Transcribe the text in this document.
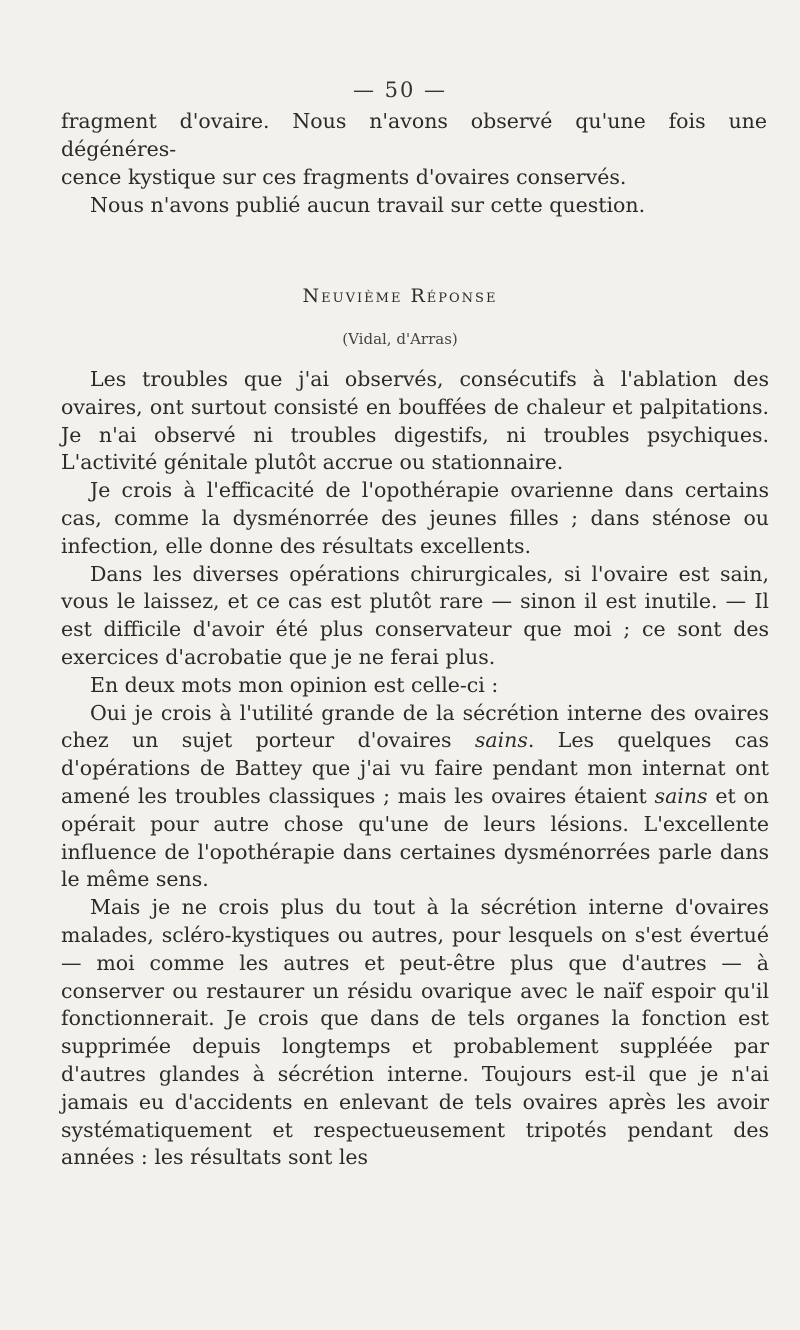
— 50 —

fragment d'ovaire. Nous n'avons observé qu'une fois une dégénéres-

cence kystique sur ces fragments d'ovaires conservés.

Nous n'avons publié aucun travail sur cette question.

Neuvième Réponse
(Vidal, d'Arras)

Les troubles que j'ai observés, consécutifs à l'ablation des ovaires, ont surtout consisté en bouffées de chaleur et palpitations. Je n'ai observé ni troubles digestifs, ni troubles psychiques. L'activité génitale plutôt accrue ou stationnaire.

Je crois à l'efficacité de l'opothérapie ovarienne dans certains cas, comme la dysménorrée des jeunes filles ; dans sténose ou infection, elle donne des résultats excellents.

Dans les diverses opérations chirurgicales, si l'ovaire est sain, vous le laissez, et ce cas est plutôt rare — sinon il est inutile. — Il est difficile d'avoir été plus conservateur que moi ; ce sont des exercices d'acrobatie que je ne ferai plus.

En deux mots mon opinion est celle-ci :

Oui je crois à l'utilité grande de la sécrétion interne des ovaires chez un sujet porteur d'ovaires sains. Les quelques cas d'opérations de Battey que j'ai vu faire pendant mon internat ont amené les troubles classiques ; mais les ovaires étaient sains et on opérait pour autre chose qu'une de leurs lésions. L'excellente influence de l'opothérapie dans certaines dysménorrées parle dans le même sens.

Mais je ne crois plus du tout à la sécrétion interne d'ovaires malades, scléro-kystiques ou autres, pour lesquels on s'est évertué — moi comme les autres et peut-être plus que d'autres — à conserver ou restaurer un résidu ovarique avec le naïf espoir qu'il fonctionnerait. Je crois que dans de tels organes la fonction est supprimée depuis longtemps et probablement suppléée par d'autres glandes à sécrétion interne. Toujours est-il que je n'ai jamais eu d'accidents en enlevant de tels ovaires après les avoir systématiquement et respectueusement tripotés pendant des années : les résultats sont les
